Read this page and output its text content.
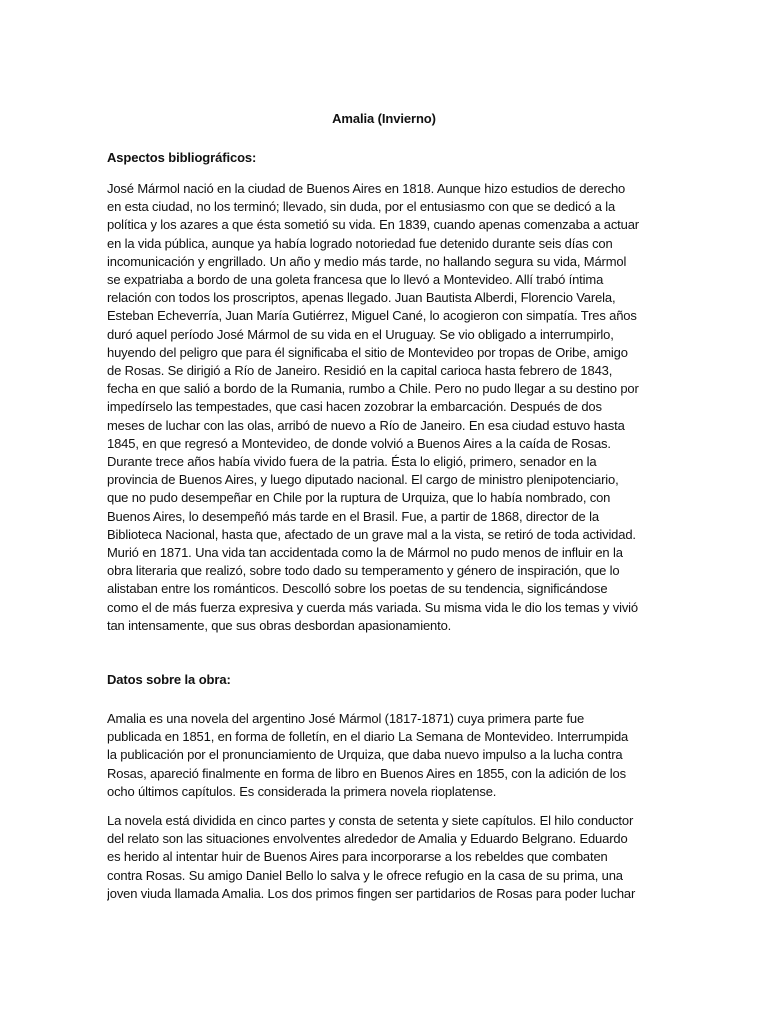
Amalia (Invierno)
Aspectos bibliográficos:
José Mármol nació en la ciudad de Buenos Aires en 1818. Aunque hizo estudios de derecho
en esta ciudad, no los terminó; llevado, sin duda, por el entusiasmo con que se dedicó a la
política y los azares a que ésta sometió su vida. En 1839, cuando apenas comenzaba a actuar
en la vida pública, aunque ya había logrado notoriedad fue detenido durante seis días con
incomunicación y engrillado. Un año y medio más tarde, no hallando segura su vida, Mármol
se expatriaba a bordo de una goleta francesa que lo llevó a Montevideo. Allí trabó íntima
relación con todos los proscriptos, apenas llegado. Juan Bautista Alberdi, Florencio Varela,
Esteban Echeverría, Juan María Gutiérrez, Miguel Cané, lo acogieron con simpatía. Tres años
duró aquel período José Mármol de su vida en el Uruguay. Se vio obligado a interrumpirlo,
huyendo del peligro que para él significaba el sitio de Montevideo por tropas de Oribe, amigo
de Rosas. Se dirigió a Río de Janeiro. Residió en la capital carioca hasta febrero de 1843,
fecha en que salió a bordo de la Rumania, rumbo a Chile. Pero no pudo llegar a su destino por
impedírselo las tempestades, que casi hacen zozobrar la embarcación. Después de dos
meses de luchar con las olas, arribó de nuevo a Río de Janeiro. En esa ciudad estuvo hasta
1845, en que regresó a Montevideo, de donde volvió a Buenos Aires a la caída de Rosas.
Durante trece años había vivido fuera de la patria. Ésta lo eligió, primero, senador en la
provincia de Buenos Aires, y luego diputado nacional. El cargo de ministro plenipotenciario,
que no pudo desempeñar en Chile por la ruptura de Urquiza, que lo había nombrado, con
Buenos Aires, lo desempeñó más tarde en el Brasil. Fue, a partir de 1868, director de la
Biblioteca Nacional, hasta que, afectado de un grave mal a la vista, se retiró de toda actividad.
Murió en 1871. Una vida tan accidentada como la de Mármol no pudo menos de influir en la
obra literaria que realizó, sobre todo dado su temperamento y género de inspiración, que lo
alistaban entre los románticos. Descolló sobre los poetas de su tendencia, significándose
como el de más fuerza expresiva y cuerda más variada. Su misma vida le dio los temas y vivió
tan intensamente, que sus obras desbordan apasionamiento.
Datos sobre la obra:
Amalia es una novela del argentino José Mármol (1817-1871) cuya primera parte fue
publicada en 1851, en forma de folletín, en el diario La Semana de Montevideo. Interrumpida
la publicación por el pronunciamiento de Urquiza, que daba nuevo impulso a la lucha contra
Rosas, apareció finalmente en forma de libro en Buenos Aires en 1855, con la adición de los
ocho últimos capítulos. Es considerada la primera novela rioplatense.
La novela está dividida en cinco partes y consta de setenta y siete capítulos. El hilo conductor
del relato son las situaciones envolventes alrededor de Amalia y Eduardo Belgrano. Eduardo
es herido al intentar huir de Buenos Aires para incorporarse a los rebeldes que combaten
contra Rosas. Su amigo Daniel Bello lo salva y le ofrece refugio en la casa de su prima, una
joven viuda llamada Amalia. Los dos primos fingen ser partidarios de Rosas para poder luchar
